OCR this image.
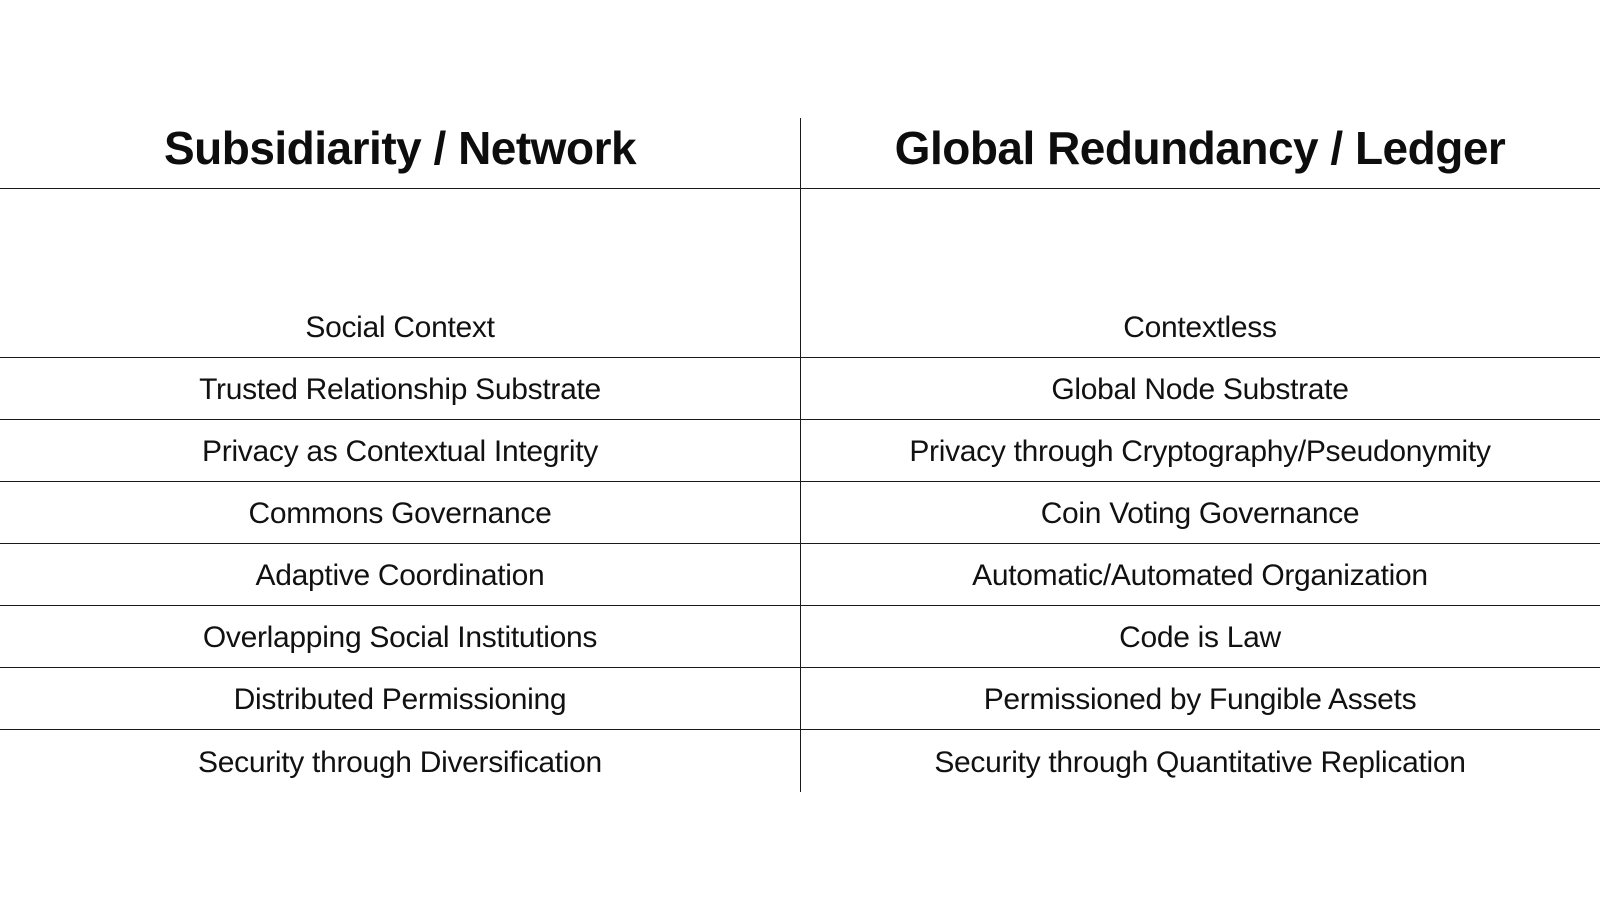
Subsidiarity / Network	Global Redundancy / Ledger
Social Context	Contextless
Trusted Relationship Substrate	Global Node Substrate
Privacy as Contextual Integrity	Privacy through Cryptography/Pseudonymity
Commons Governance	Coin Voting Governance
Adaptive Coordination	Automatic/Automated Organization
Overlapping Social Institutions	Code is Law
Distributed Permissioning	Permissioned by Fungible Assets
Security through Diversification	Security through Quantitative Replication
